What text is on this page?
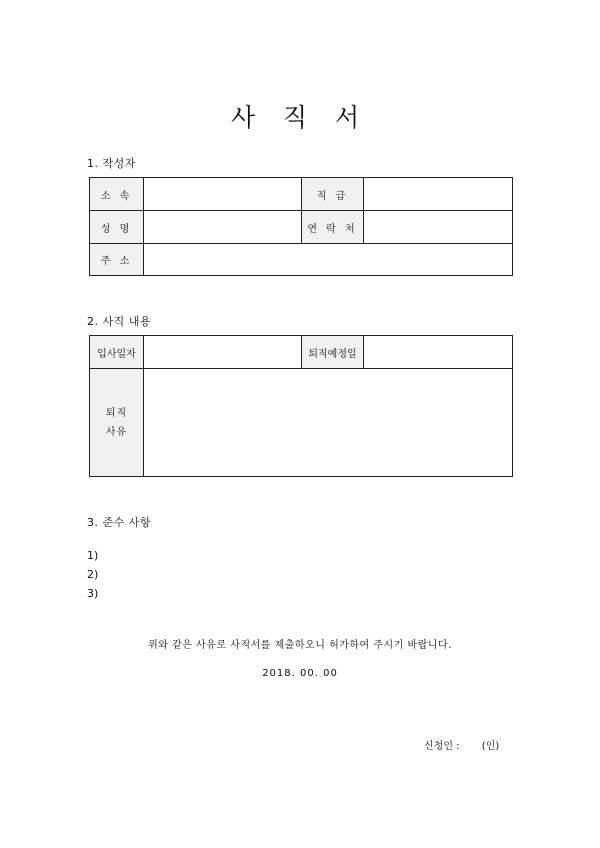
사 직 서
1. 작성자
소 속		직 급	
성 명		연 락 처	
주 소			
2. 사직 내용
입사일자		퇴직예정일	

퇴직
사유			

3. 준수 사항
1)
2)
3)
위와 같은 사유로 사직서를 제출하오니 허가하여 주시기 바랍니다.
2018. 00. 00
신청인 : (인)
